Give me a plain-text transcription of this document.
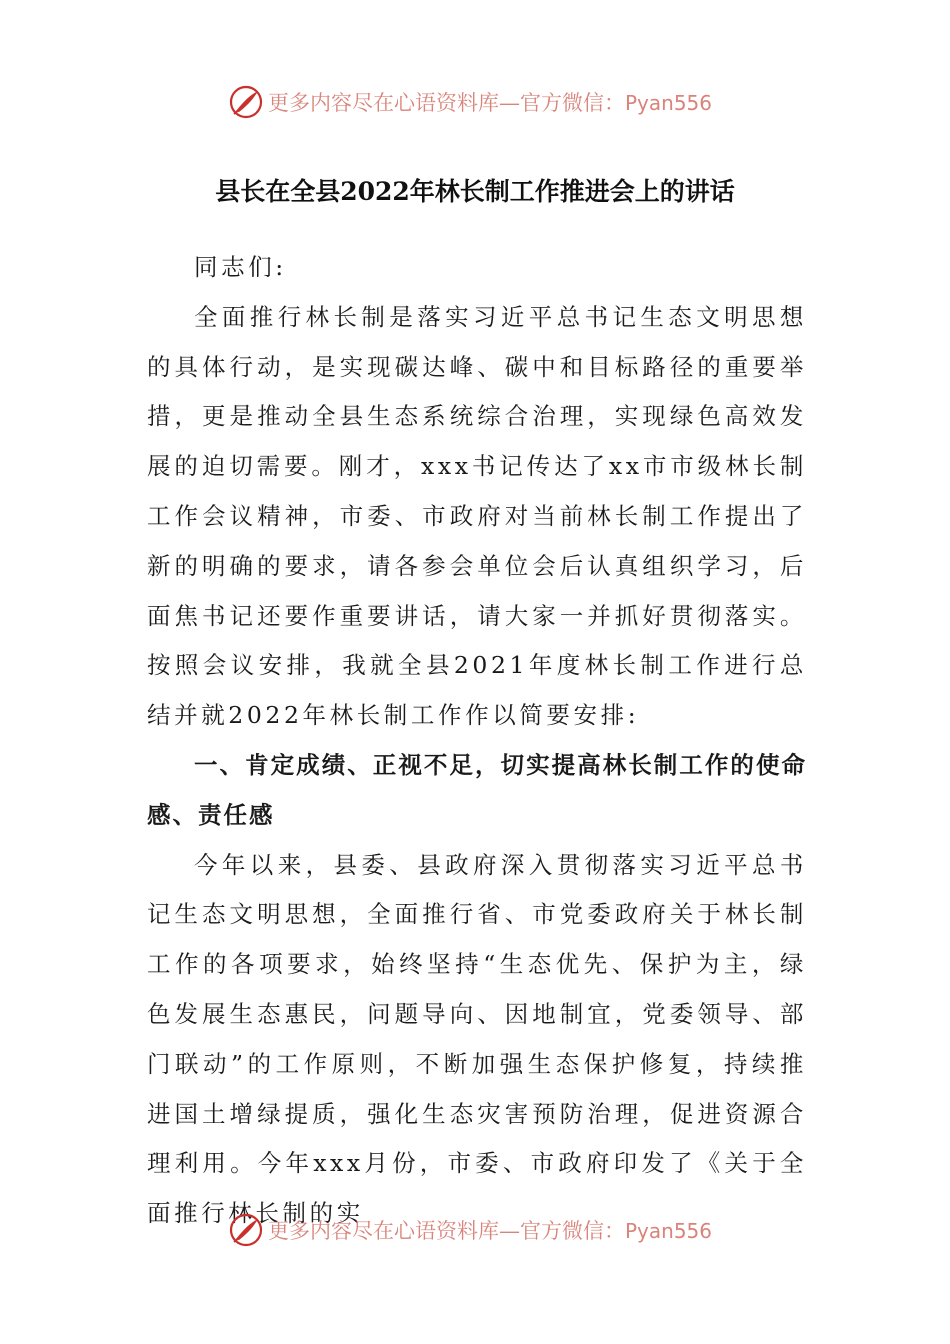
更多内容尽在心语资料库—官方微信：Pyan556
县长在全县2022年林长制工作推进会上的讲话

同志们:

全面推行林长制是落实习近平总书记生态文明思想的具体行动，是实现碳达峰、碳中和目标路径的重要举措，更是推动全县生态系统综合治理，实现绿色高效发展的迫切需要。刚才，xxx书记传达了xx市市级林长制工作会议精神，市委、市政府对当前林长制工作提出了新的明确的要求，请各参会单位会后认真组织学习，后面焦书记还要作重要讲话，请大家一并抓好贯彻落实。按照会议安排，我就全县2021年度林长制工作进行总结并就2022年林长制工作作以简要安排:

一、肯定成绩、正视不足，切实提高林长制工作的使命感、责任感

今年以来，县委、县政府深入贯彻落实习近平总书记生态文明思想，全面推行省、市党委政府关于林长制工作的各项要求，始终坚持“生态优先、保护为主，绿色发展生态惠民，问题导向、因地制宜，党委领导、部门联动”的工作原则，不断加强生态保护修复，持续推进国土增绿提质，强化生态灾害预防治理，促进资源合理利用。今年xxx月份，市委、市政府印发了《关于全面推行林长制的实

更多内容尽在心语资料库—官方微信：Pyan556
